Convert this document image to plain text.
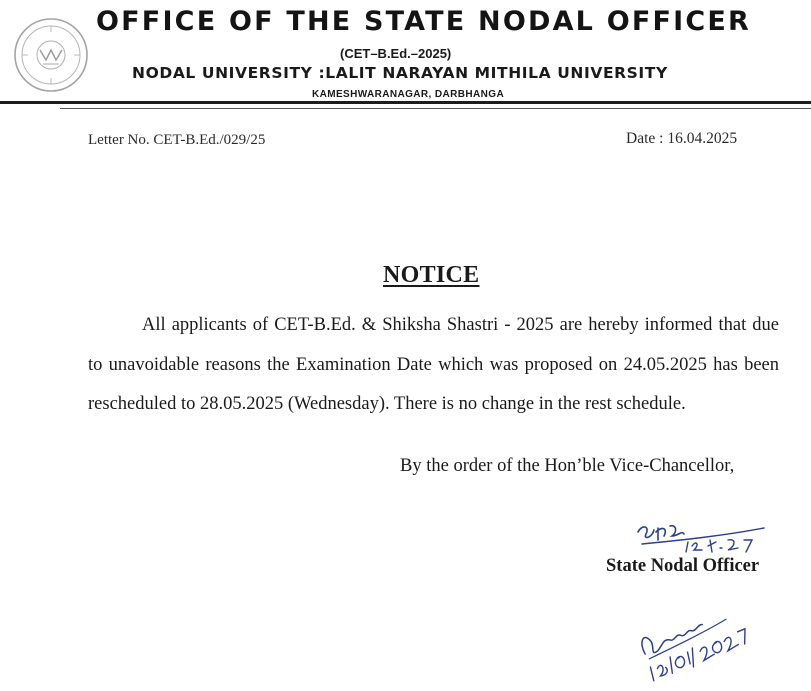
OFFICE OF THE STATE NODAL OFFICER
(CET–B.Ed.–2025)
NODAL UNIVERSITY :LALIT NARAYAN MITHILA UNIVERSITY
KAMESHWARANAGAR, DARBHANGA
Letter No. CET-B.Ed./029/25	Date : 16.04.2025
NOTICE
All applicants of CET-B.Ed. & Shiksha Shastri - 2025 are hereby informed that due to unavoidable reasons the Examination Date which was proposed on 24.05.2025 has been rescheduled to 28.05.2025 (Wednesday). There is no change in the rest schedule.
By the order of the Hon’ble Vice-Chancellor,
State Nodal Officer
